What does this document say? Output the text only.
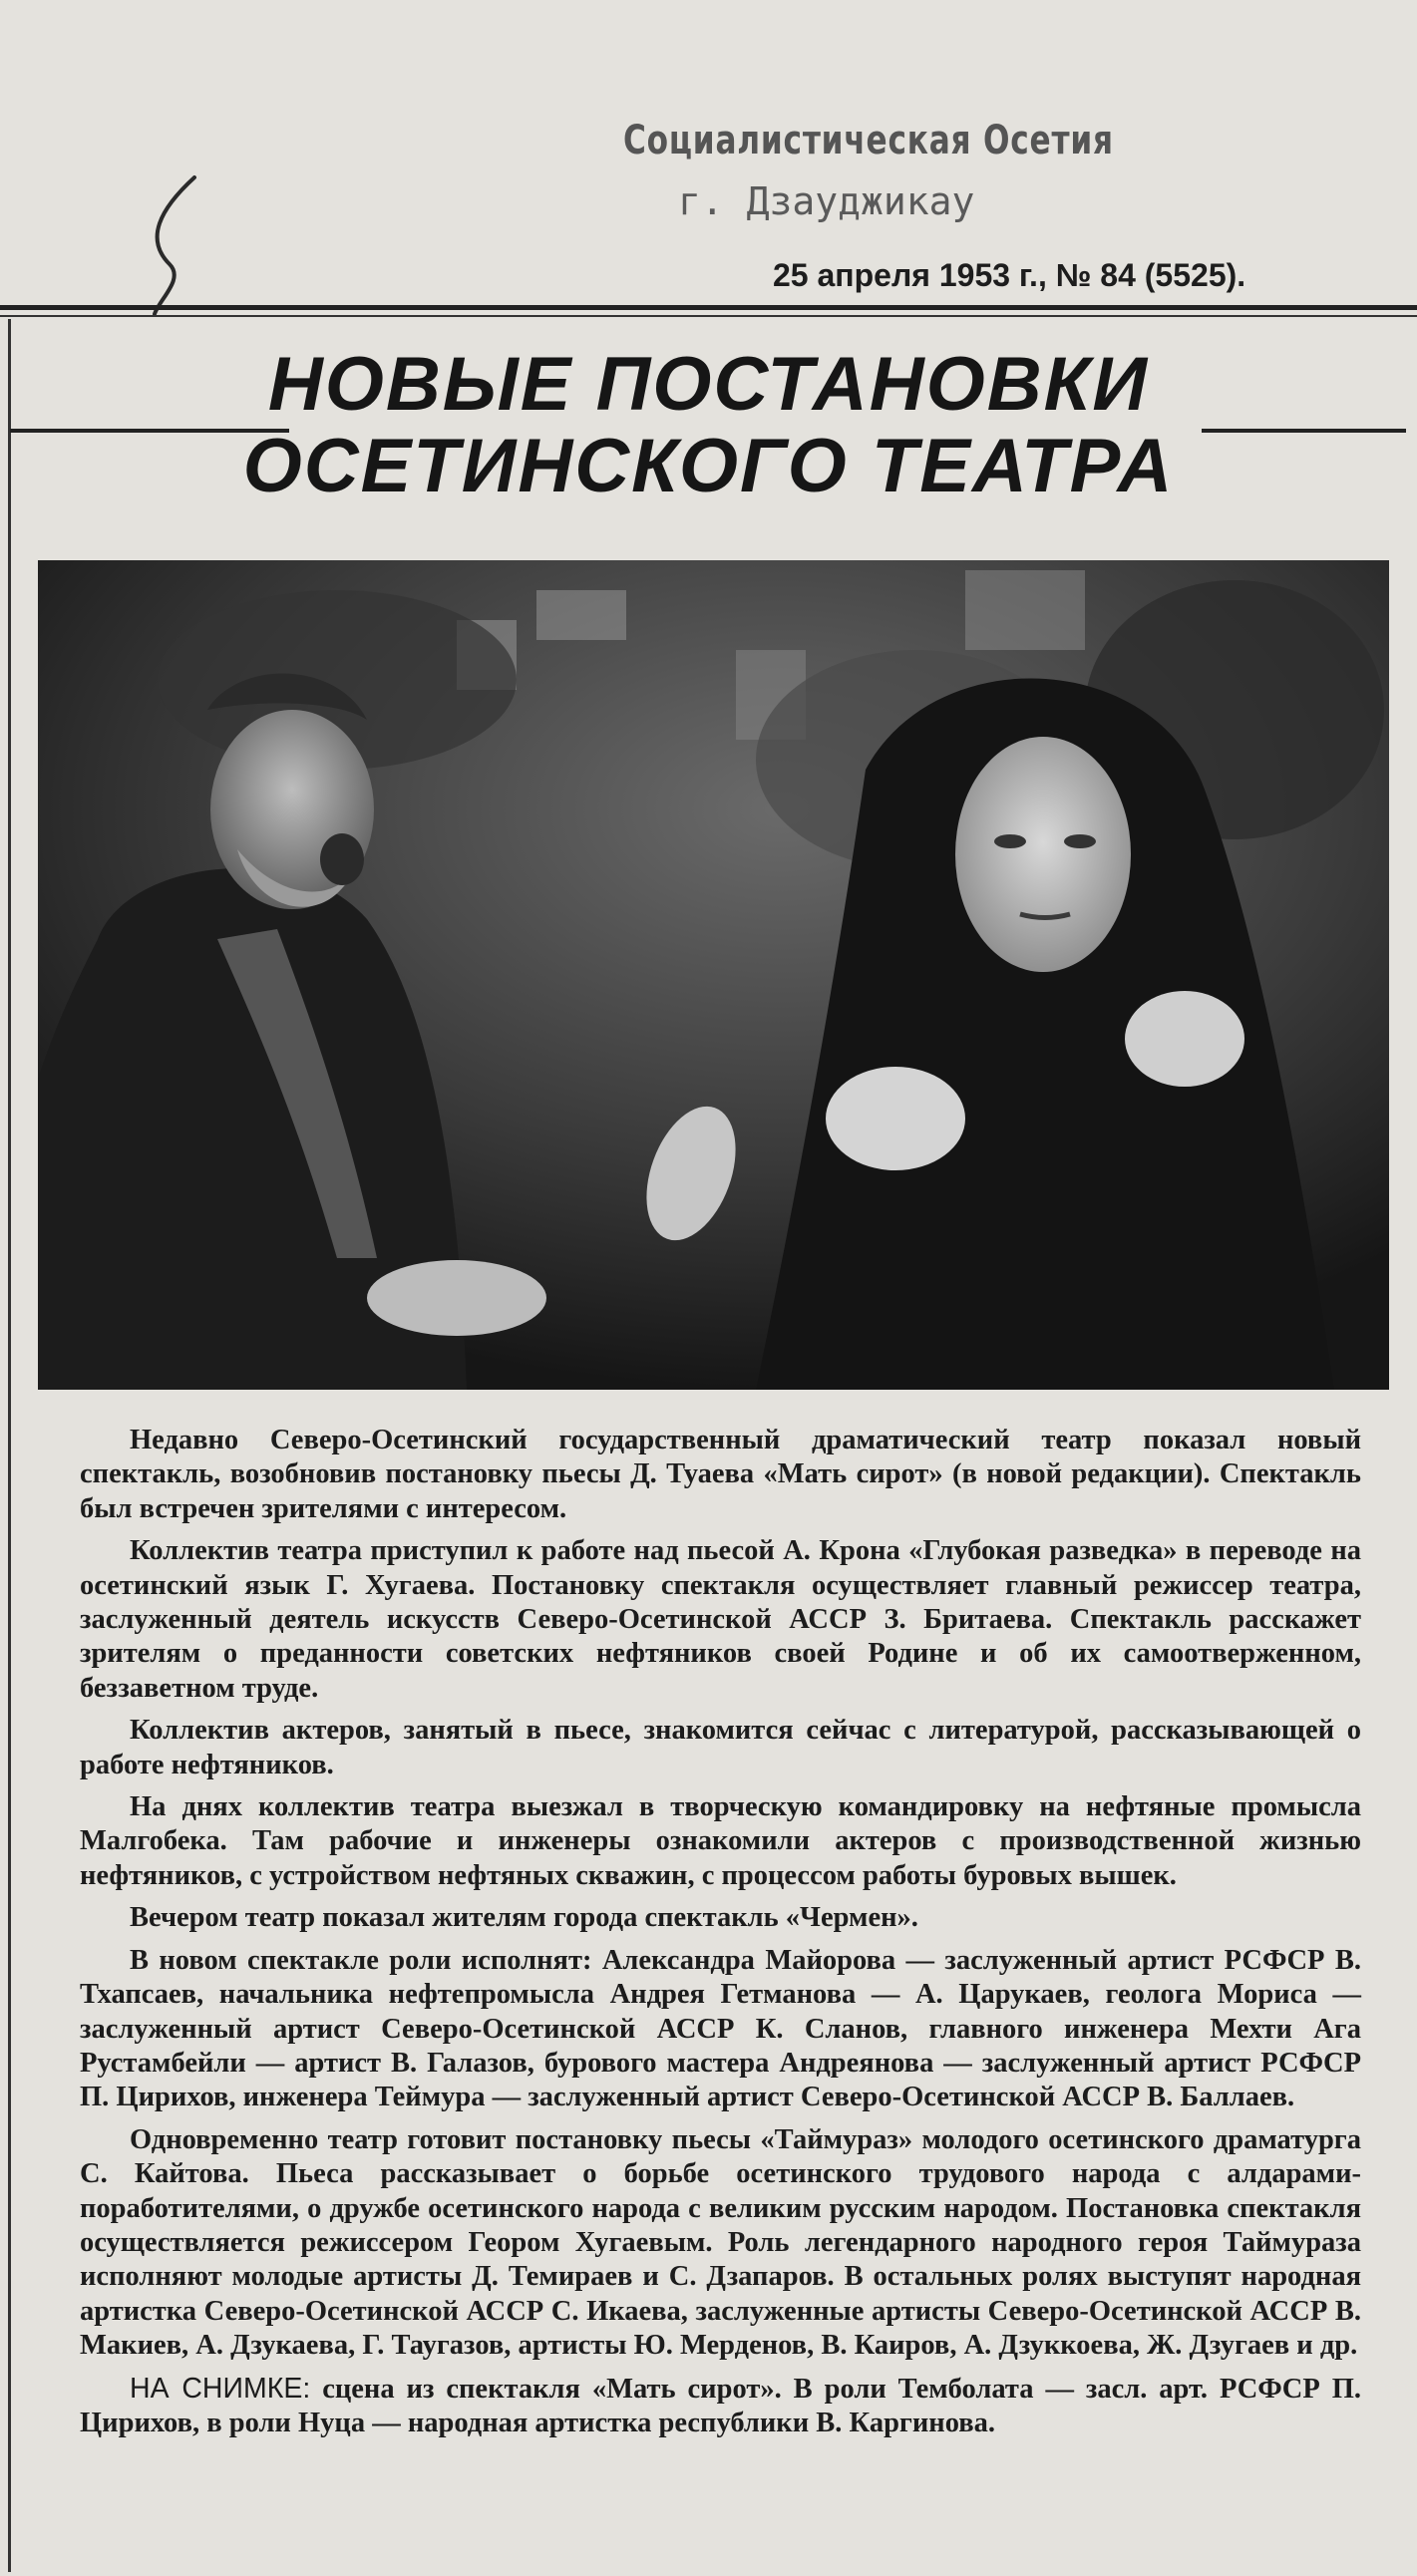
Социалистическая Осетия
г. Дзауджикау
25 апреля 1953 г., № 84 (5525).
НОВЫЕ ПОСТАНОВКИ
ОСЕТИНСКОГО ТЕАТРА

Недавно Северо-Осетинский государственный драматический театр показал новый спектакль, возобновив постановку пьесы Д. Туаева «Мать сирот» (в новой редакции). Спектакль был встречен зрителями с интересом.

Коллектив театра приступил к работе над пьесой А. Крона «Глубокая разведка» в переводе на осетинский язык Г. Хугаева. Постановку спектакля осуществляет главный режиссер театра, заслуженный деятель искусств Северо-Осетинской АССР З. Бритаева. Спектакль расскажет зрителям о преданности советских нефтяников своей Родине и об их самоотверженном, беззаветном труде.

Коллектив актеров, занятый в пьесе, знакомится сейчас с литературой, рассказывающей о работе нефтяников.

На днях коллектив театра выезжал в творческую командировку на нефтяные промысла Малгобека. Там рабочие и инженеры ознакомили актеров с производственной жизнью нефтяников, с устройством нефтяных скважин, с процессом работы буровых вышек.

Вечером театр показал жителям города спектакль «Чермен».

В новом спектакле роли исполнят: Александра Майорова — заслуженный артист РСФСР В. Тхапсаев, начальника нефтепромысла Андрея Гетманова — А. Царукаев, геолога Мориса — заслуженный артист Северо-Осетинской АССР К. Сланов, главного инженера Мехти Ага Рустамбейли — артист В. Галазов, бурового мастера Андреянова — заслуженный артист РСФСР П. Цирихов, инженера Теймура — заслуженный артист Северо-Осетинской АССР В. Баллаев.

Одновременно театр готовит постановку пьесы «Таймураз» молодого осетинского драматурга С. Кайтова. Пьеса рассказывает о борьбе осетинского трудового народа с алдарами-поработителями, о дружбе осетинского народа с великим русским народом. Постановка спектакля осуществляется режиссером Геором Хугаевым. Роль легендарного народного героя Таймураза исполняют молодые артисты Д. Темираев и С. Дзапаров. В остальных ролях выступят народная артистка Северо-Осетинской АССР С. Икаева, заслуженные артисты Северо-Осетинской АССР В. Макиев, А. Дзукаева, Г. Таугазов, артисты Ю. Мерденов, В. Каиров, А. Дзуккоева, Ж. Дзугаев и др.

НА СНИМКЕ: сцена из спектакля «Мать сирот». В роли Темболата — засл. арт. РСФСР П. Цирихов, в роли Нуца — народная артистка республики В. Каргинова.
